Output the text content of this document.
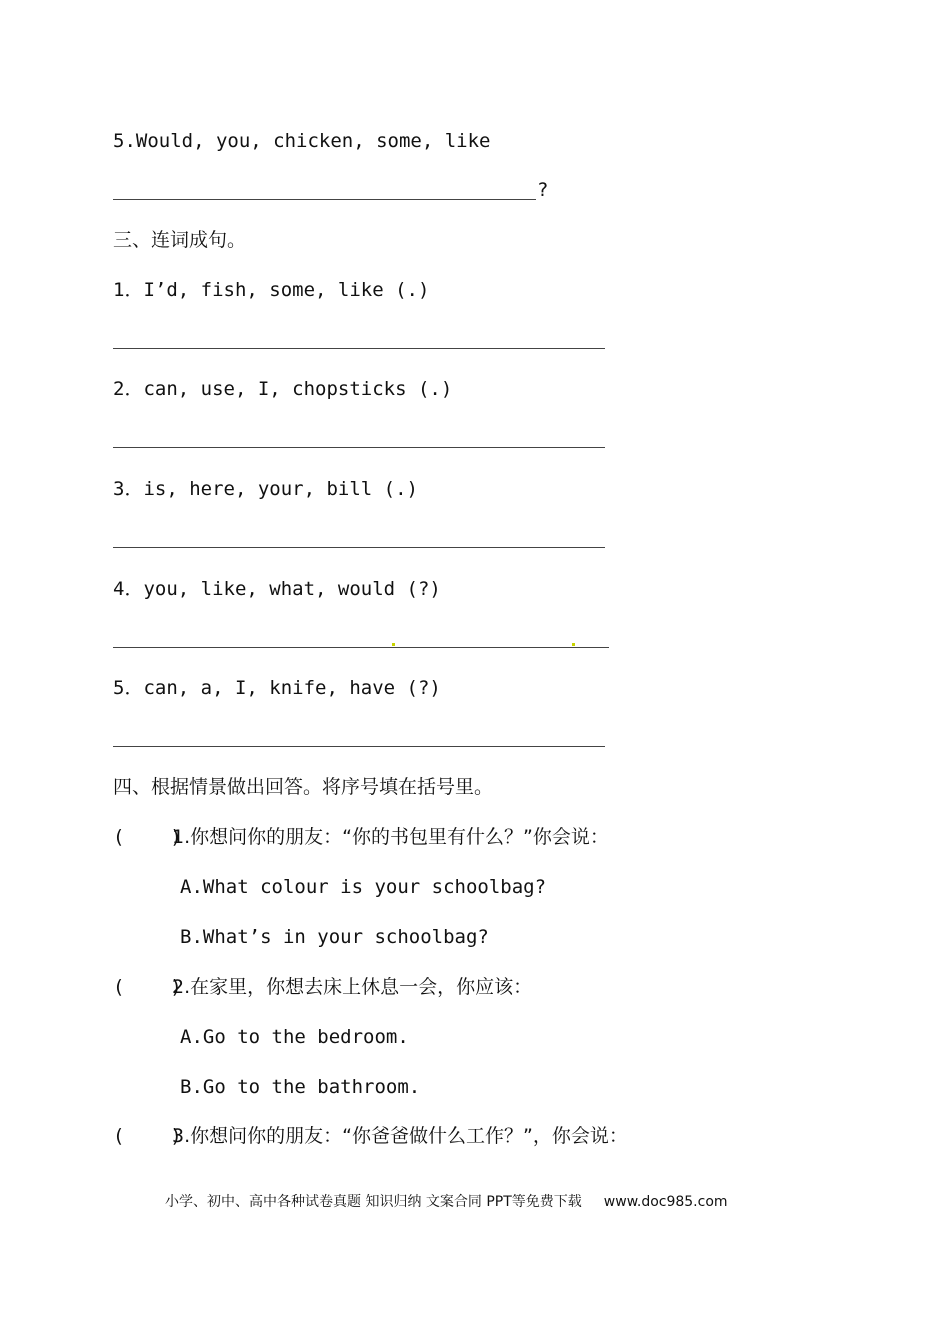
5.Would, you, chicken, some, like
?
三、连词成句。
1．I’d, fish, some, like (.)
2．can, use, I, chopsticks (.)
3．is, here, your, bill (.)
4．you, like, what, would (?)
5．can, a, I, knife, have (?)
四、根据情景做出回答。将序号填在括号里。
(    )
1.你想问你的朋友：“你的书包里有什么？”你会说：
A.What colour is your schoolbag?
B.What’s in your schoolbag?
(    )
2.在家里，你想去床上休息一会，你应该：
A.Go to the bedroom.
B.Go to the bathroom.
(    )
3.你想问你的朋友：“你爸爸做什么工作？”，你会说：
小学、初中、高中各种试卷真题 知识归纳 文案合同 PPT等免费下载 www.doc985.com
